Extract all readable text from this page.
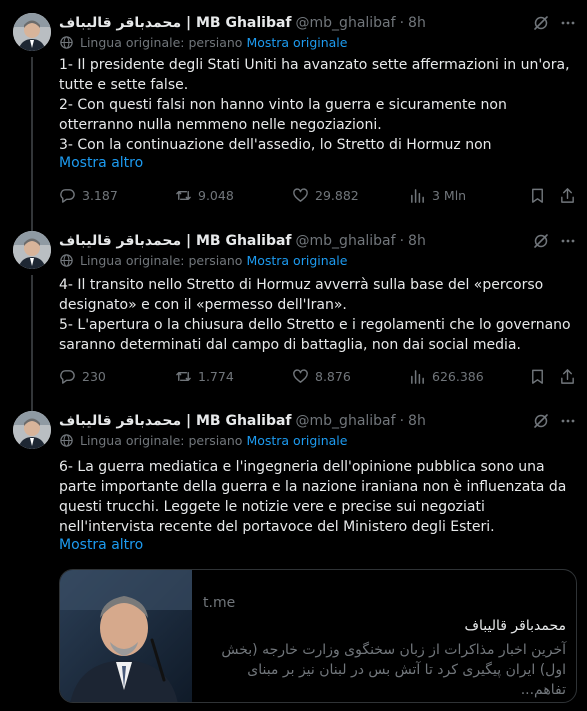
محمدباقر قالیباف | MB Ghalibaf @mb_ghalibaf · 8h
Lingua originale: persiano Mostra originale

1- Il presidente degli Stati Uniti ha avanzato sette affermazioni in un'ora, tutte e sette false.

2- Con questi falsi non hanno vinto la guerra e sicuramente non otterranno nulla nemmeno nelle negoziazioni.

3- Con la continuazione dell'assedio, lo Stretto di Hormuz non

Mostra altro
3.187	9.048	29.882	3 Mln
محمدباقر قالیباف | MB Ghalibaf @mb_ghalibaf · 8h
Lingua originale: persiano Mostra originale

4- Il transito nello Stretto di Hormuz avverrà sulla base del «percorso designato» e con il «permesso dell'Iran».

5- L'apertura o la chiusura dello Stretto e i regolamenti che lo governano saranno determinati dal campo di battaglia, non dai social media.

230	1.774	8.876	626.386
محمدباقر قالیباف | MB Ghalibaf @mb_ghalibaf · 8h
Lingua originale: persiano Mostra originale

6- La guerra mediatica e l'ingegneria dell'opinione pubblica sono una parte importante della guerra e la nazione iraniana non è influenzata da questi trucchi. Leggete le notizie vere e precise sui negoziati nell'intervista recente del portavoce del Ministero degli Esteri.

Mostra altro
t.me
محمدباقر قالیباف
آخرین اخبار مذاکرات از زبان سخنگوی وزارت خارجه (بخش اول) ایران پیگیری کرد تا آتش بس در لبنان نیز بر مبنای تفاهم...
